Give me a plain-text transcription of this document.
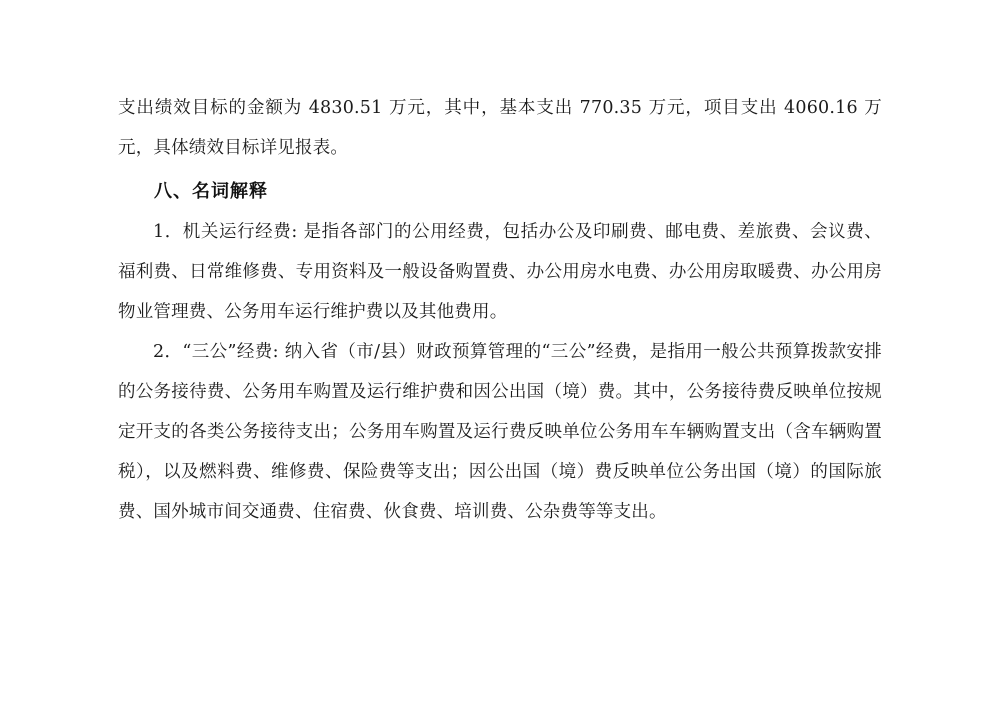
支出绩效目标的金额为 4830.51 万元，其中，基本支出 770.35 万元，项目支出 4060.16 万元，具体绩效目标详见报表。

八、名词解释

1．机关运行经费: 是指各部门的公用经费，包括办公及印刷费、邮电费、差旅费、会议费、福利费、日常维修费、专用资料及一般设备购置费、办公用房水电费、办公用房取暖费、办公用房物业管理费、公务用车运行维护费以及其他费用。

2．“三公”经费: 纳入省（市/县）财政预算管理的“三公”经费，是指用一般公共预算拨款安排的公务接待费、公务用车购置及运行维护费和因公出国（境）费。其中，公务接待费反映单位按规定开支的各类公务接待支出；公务用车购置及运行费反映单位公务用车车辆购置支出（含车辆购置税），以及燃料费、维修费、保险费等支出；因公出国（境）费反映单位公务出国（境）的国际旅费、国外城市间交通费、住宿费、伙食费、培训费、公杂费等等支出。
